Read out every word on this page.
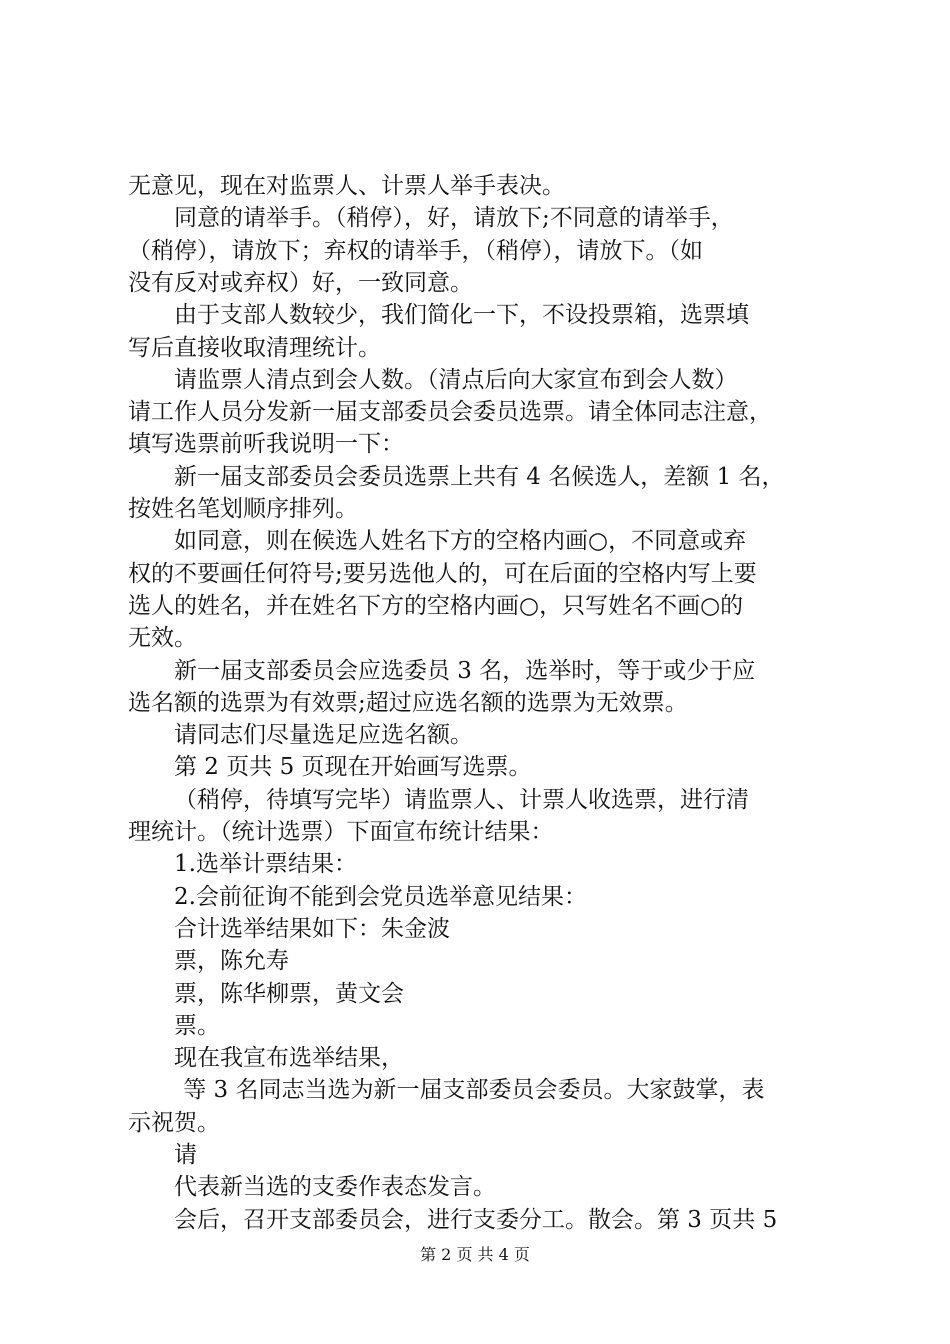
无意见，现在对监票人、计票人举手表决。
同意的请举手。（稍停），好，请放下;不同意的请举手，
（稍停），请放下；弃权的请举手，（稍停），请放下。（如
没有反对或弃权）好，一致同意。
由于支部人数较少，我们简化一下，不设投票箱，选票填
写后直接收取清理统计。
请监票人清点到会人数。（清点后向大家宣布到会人数）
请工作人员分发新一届支部委员会委员选票。请全体同志注意，
填写选票前听我说明一下：
新一届支部委员会委员选票上共有 4 名候选人，差额 1 名，
按姓名笔划顺序排列。
如同意，则在候选人姓名下方的空格内画○，不同意或弃
权的不要画任何符号;要另选他人的，可在后面的空格内写上要
选人的姓名，并在姓名下方的空格内画○，只写姓名不画○的
无效。
新一届支部委员会应选委员 3 名，选举时，等于或少于应
选名额的选票为有效票;超过应选名额的选票为无效票。
请同志们尽量选足应选名额。
第 2 页共 5 页现在开始画写选票。
（稍停，待填写完毕）请监票人、计票人收选票，进行清
理统计。（统计选票）下面宣布统计结果：
1.选举计票结果：
2.会前征询不能到会党员选举意见结果：
合计选举结果如下：朱金波
票，陈允寿
票，陈华柳票，黄文会
票。
现在我宣布选举结果，
等 3 名同志当选为新一届支部委员会委员。大家鼓掌，表
示祝贺。
请
代表新当选的支委作表态发言。
会后，召开支部委员会，进行支委分工。散会。第 3 页共 5
第 2 页 共 4 页
